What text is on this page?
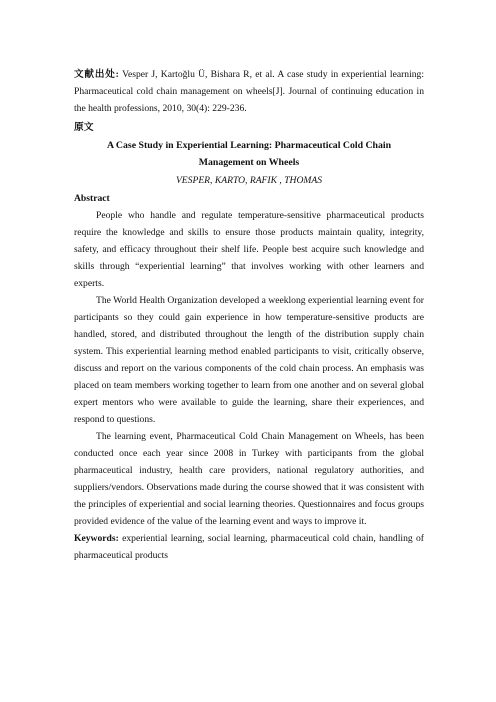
文献出处: Vesper J, Kartoğlu Ü, Bishara R, et al. A case study in experiential learning: Pharmaceutical cold chain management on wheels[J]. Journal of continuing education in the health professions, 2010, 30(4): 229-236.

原文

A Case Study in Experiential Learning: Pharmaceutical Cold Chain

Management on Wheels

VESPER, KARTO, RAFIK , THOMAS

Abstract

People who handle and regulate temperature-sensitive pharmaceutical products require the knowledge and skills to ensure those products maintain quality, integrity, safety, and efficacy throughout their shelf life. People best acquire such knowledge and skills through “experiential learning” that involves working with other learners and experts.

The World Health Organization developed a weeklong experiential learning event for participants so they could gain experience in how temperature-sensitive products are handled, stored, and distributed throughout the length of the distribution supply chain system. This experiential learning method enabled participants to visit, critically observe, discuss and report on the various components of the cold chain process. An emphasis was placed on team members working together to learn from one another and on several global expert mentors who were available to guide the learning, share their experiences, and respond to questions.

The learning event, Pharmaceutical Cold Chain Management on Wheels, has been conducted once each year since 2008 in Turkey with participants from the global pharmaceutical industry, health care providers, national regulatory authorities, and suppliers/vendors. Observations made during the course showed that it was consistent with the principles of experiential and social learning theories. Questionnaires and focus groups provided evidence of the value of the learning event and ways to improve it.

Keywords: experiential learning, social learning, pharmaceutical cold chain, handling of pharmaceutical products
